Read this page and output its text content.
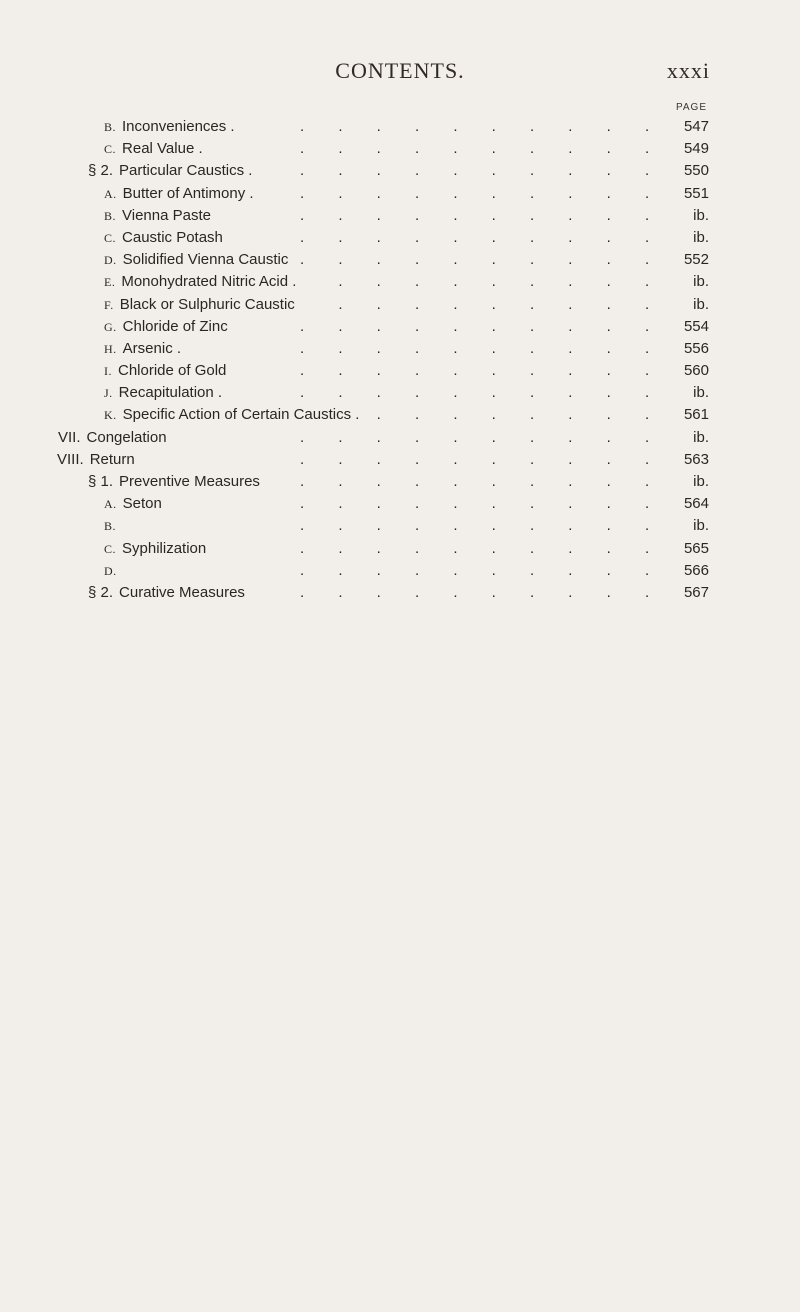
CONTENTS.	xxxi
PAGE
B. Inconveniences .	. . . . . . . . . .	547
C. Real Value .	. . . . . . . . . .	549
§ 2. Particular Caustics .	. . . . . . . . . .	550
A. Butter of Antimony .	. . . . . . . . . .	551
B. Vienna Paste	. . . . . . . . . .	ib.
C. Caustic Potash	. . . . . . . . . .	ib.
D. Solidified Vienna Caustic . . . . . . . . . .	552
E. Monohydrated Nitric Acid .	. . . . . . . . .	ib.
F. Black or Sulphuric Caustic	. . . . . . . . .	ib.
G. Chloride of Zinc	. . . . . . . . . .	554
H. Arsenic .	. . . . . . . . . .	556
I. Chloride of Gold	. . . . . . . . . .	560
J. Recapitulation .	. . . . . . . . . .	ib.
K. Specific Action of Certain Caustics . . . . . . . . .	561
VII. Congelation	. . . . . . . . . .	ib.
VIII. Return	. . . . . . . . . .	563
§ 1. Preventive Measures	. . . . . . . . . .	ib.
A. Seton	. . . . . . . . . .	564
B.	. . . . . . . . . .	ib.
C. Syphilization	. . . . . . . . . .	565
D.	. . . . . . . . . .	566
§ 2. Curative Measures	. . . . . . . . . .	567
